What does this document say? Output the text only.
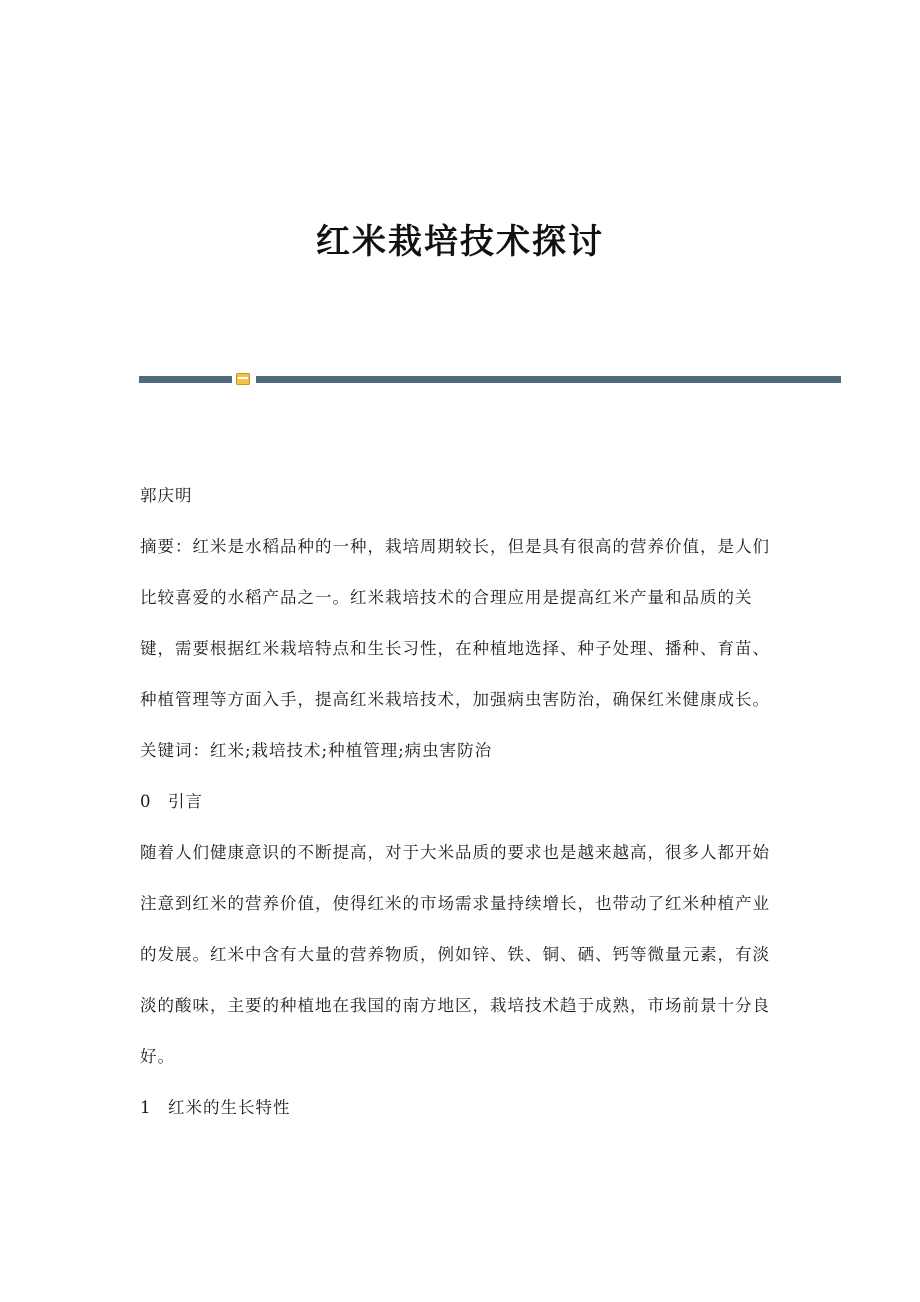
红米栽培技术探讨

郭庆明

摘要：红米是水稻品种的一种，栽培周期较长，但是具有很高的营养价值，是人们比较喜爱的水稻产品之一。红米栽培技术的合理应用是提高红米产量和品质的关键，需要根据红米栽培特点和生长习性，在种植地选择、种子处理、播种、育苗、种植管理等方面入手，提高红米栽培技术，加强病虫害防治，确保红米健康成长。

关键词：红米;栽培技术;种植管理;病虫害防治

0 引言

随着人们健康意识的不断提高，对于大米品质的要求也是越来越高，很多人都开始注意到红米的营养价值，使得红米的市场需求量持续增长，也带动了红米种植产业的发展。红米中含有大量的营养物质，例如锌、铁、铜、硒、钙等微量元素，有淡淡的酸味，主要的种植地在我国的南方地区，栽培技术趋于成熟，市场前景十分良好。

1 红米的生长特性
